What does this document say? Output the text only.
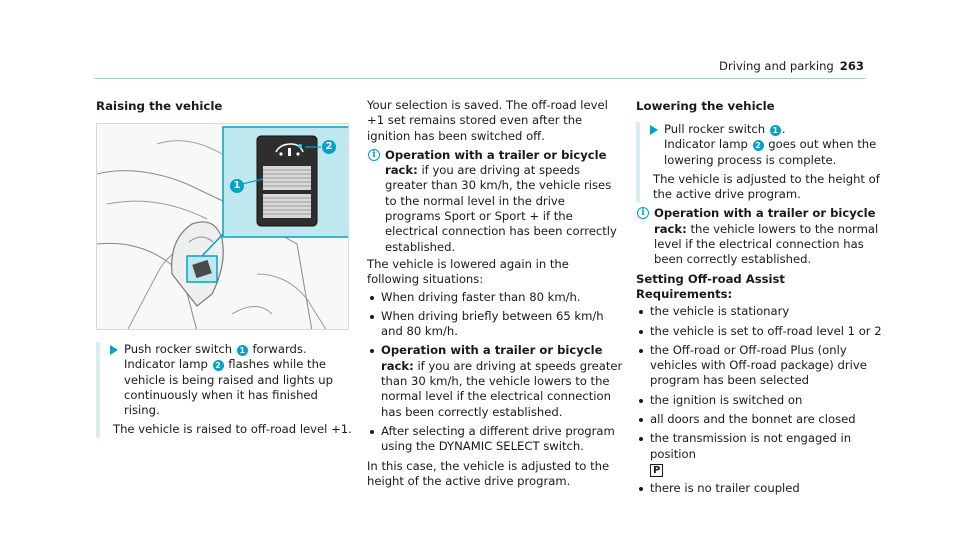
Driving and parking 263
Raising the vehicle
2
1
Push rocker switch 1 forwards.
Indicator lamp 2 flashes while the vehicle is being raised and lights up continuously when it has finished rising.

The vehicle is raised to off-road level +1.

Your selection is saved. The off-road level +1 set remains stored even after the ignition has been switched off.

i Operation with a trailer or bicycle rack: if you are driving at speeds greater than 30 km/h, the vehicle rises to the normal level in the drive programs Sport or Sport + if the electrical connection has been correctly established.

The vehicle is lowered again in the following situations:

When driving faster than 80 km/h.
When driving briefly between 65 km/h and 80 km/h.
Operation with a trailer or bicycle rack: if you are driving at speeds greater than 30 km/h, the vehicle lowers to the normal level if the electrical connection has been correctly established.
After selecting a different drive program using the DYNAMIC SELECT switch.

In this case, the vehicle is adjusted to the height of the active drive program.

Lowering the vehicle
Pull rocker switch 1 .
Indicator lamp 2 goes out when the lowering process is complete.

The vehicle is adjusted to the height of the active drive program.

i Operation with a trailer or bicycle rack: the vehicle lowers to the normal level if the electrical connection has been correctly established.

Setting Off-road Assist

Requirements:

the vehicle is stationary
the vehicle is set to off-road level 1 or 2
the Off-road or Off-road Plus (only vehicles with Off-road package) drive program has been selected
the ignition is switched on
all doors and the bonnet are closed
the transmission is not engaged in position
P
there is no trailer coupled
